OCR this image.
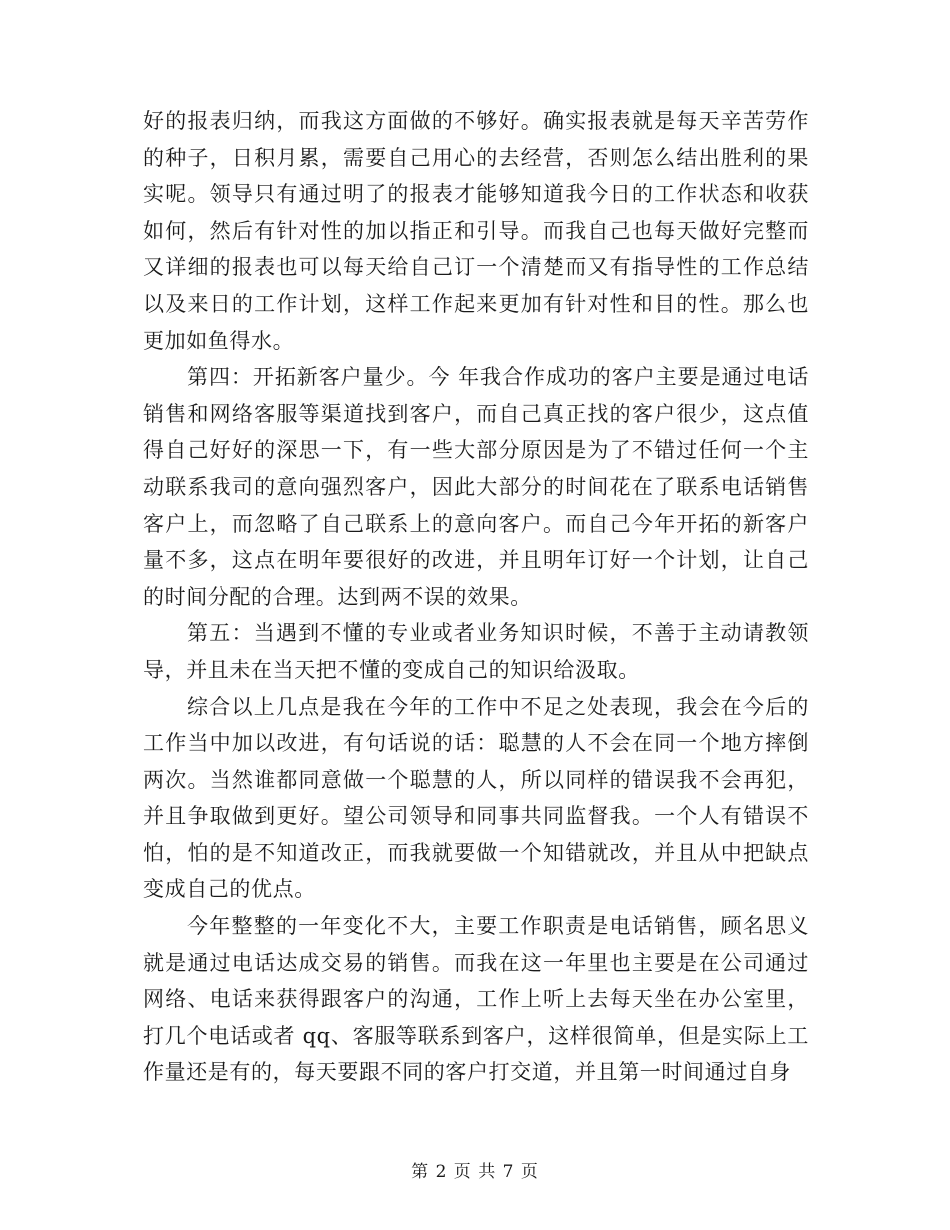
好的报表归纳，而我这方面做的不够好。确实报表就是每天辛苦劳作的种子，日积月累，需要自己用心的去经营，否则怎么结出胜利的果实呢。领导只有通过明了的报表才能够知道我今日的工作状态和收获如何，然后有针对性的加以指正和引导。而我自己也每天做好完整而又详细的报表也可以每天给自己订一个清楚而又有指导性的工作总结以及来日的工作计划，这样工作起来更加有针对性和目的性。那么也更加如鱼得水。

第四：开拓新客户量少。今 年我合作成功的客户主要是通过电话销售和网络客服等渠道找到客户，而自己真正找的客户很少，这点值得自己好好的深思一下，有一些大部分原因是为了不错过任何一个主动联系我司的意向强烈客户，因此大部分的时间花在了联系电话销售客户上，而忽略了自己联系上的意向客户。而自己今年开拓的新客户量不多，这点在明年要很好的改进，并且明年订好一个计划，让自己的时间分配的合理。达到两不误的效果。

第五：当遇到不懂的专业或者业务知识时候，不善于主动请教领导，并且未在当天把不懂的变成自己的知识给汲取。

综合以上几点是我在今年的工作中不足之处表现，我会在今后的工作当中加以改进，有句话说的话：聪慧的人不会在同一个地方摔倒两次。当然谁都同意做一个聪慧的人，所以同样的错误我不会再犯，并且争取做到更好。望公司领导和同事共同监督我。一个人有错误不怕，怕的是不知道改正，而我就要做一个知错就改，并且从中把缺点变成自己的优点。

今年整整的一年变化不大，主要工作职责是电话销售，顾名思义就是通过电话达成交易的销售。而我在这一年里也主要是在公司通过网络、电话来获得跟客户的沟通，工作上听上去每天坐在办公室里，打几个电话或者 qq、客服等联系到客户，这样很简单，但是实际上工作量还是有的，每天要跟不同的客户打交道，并且第一时间通过自身

第 2 页 共 7 页
